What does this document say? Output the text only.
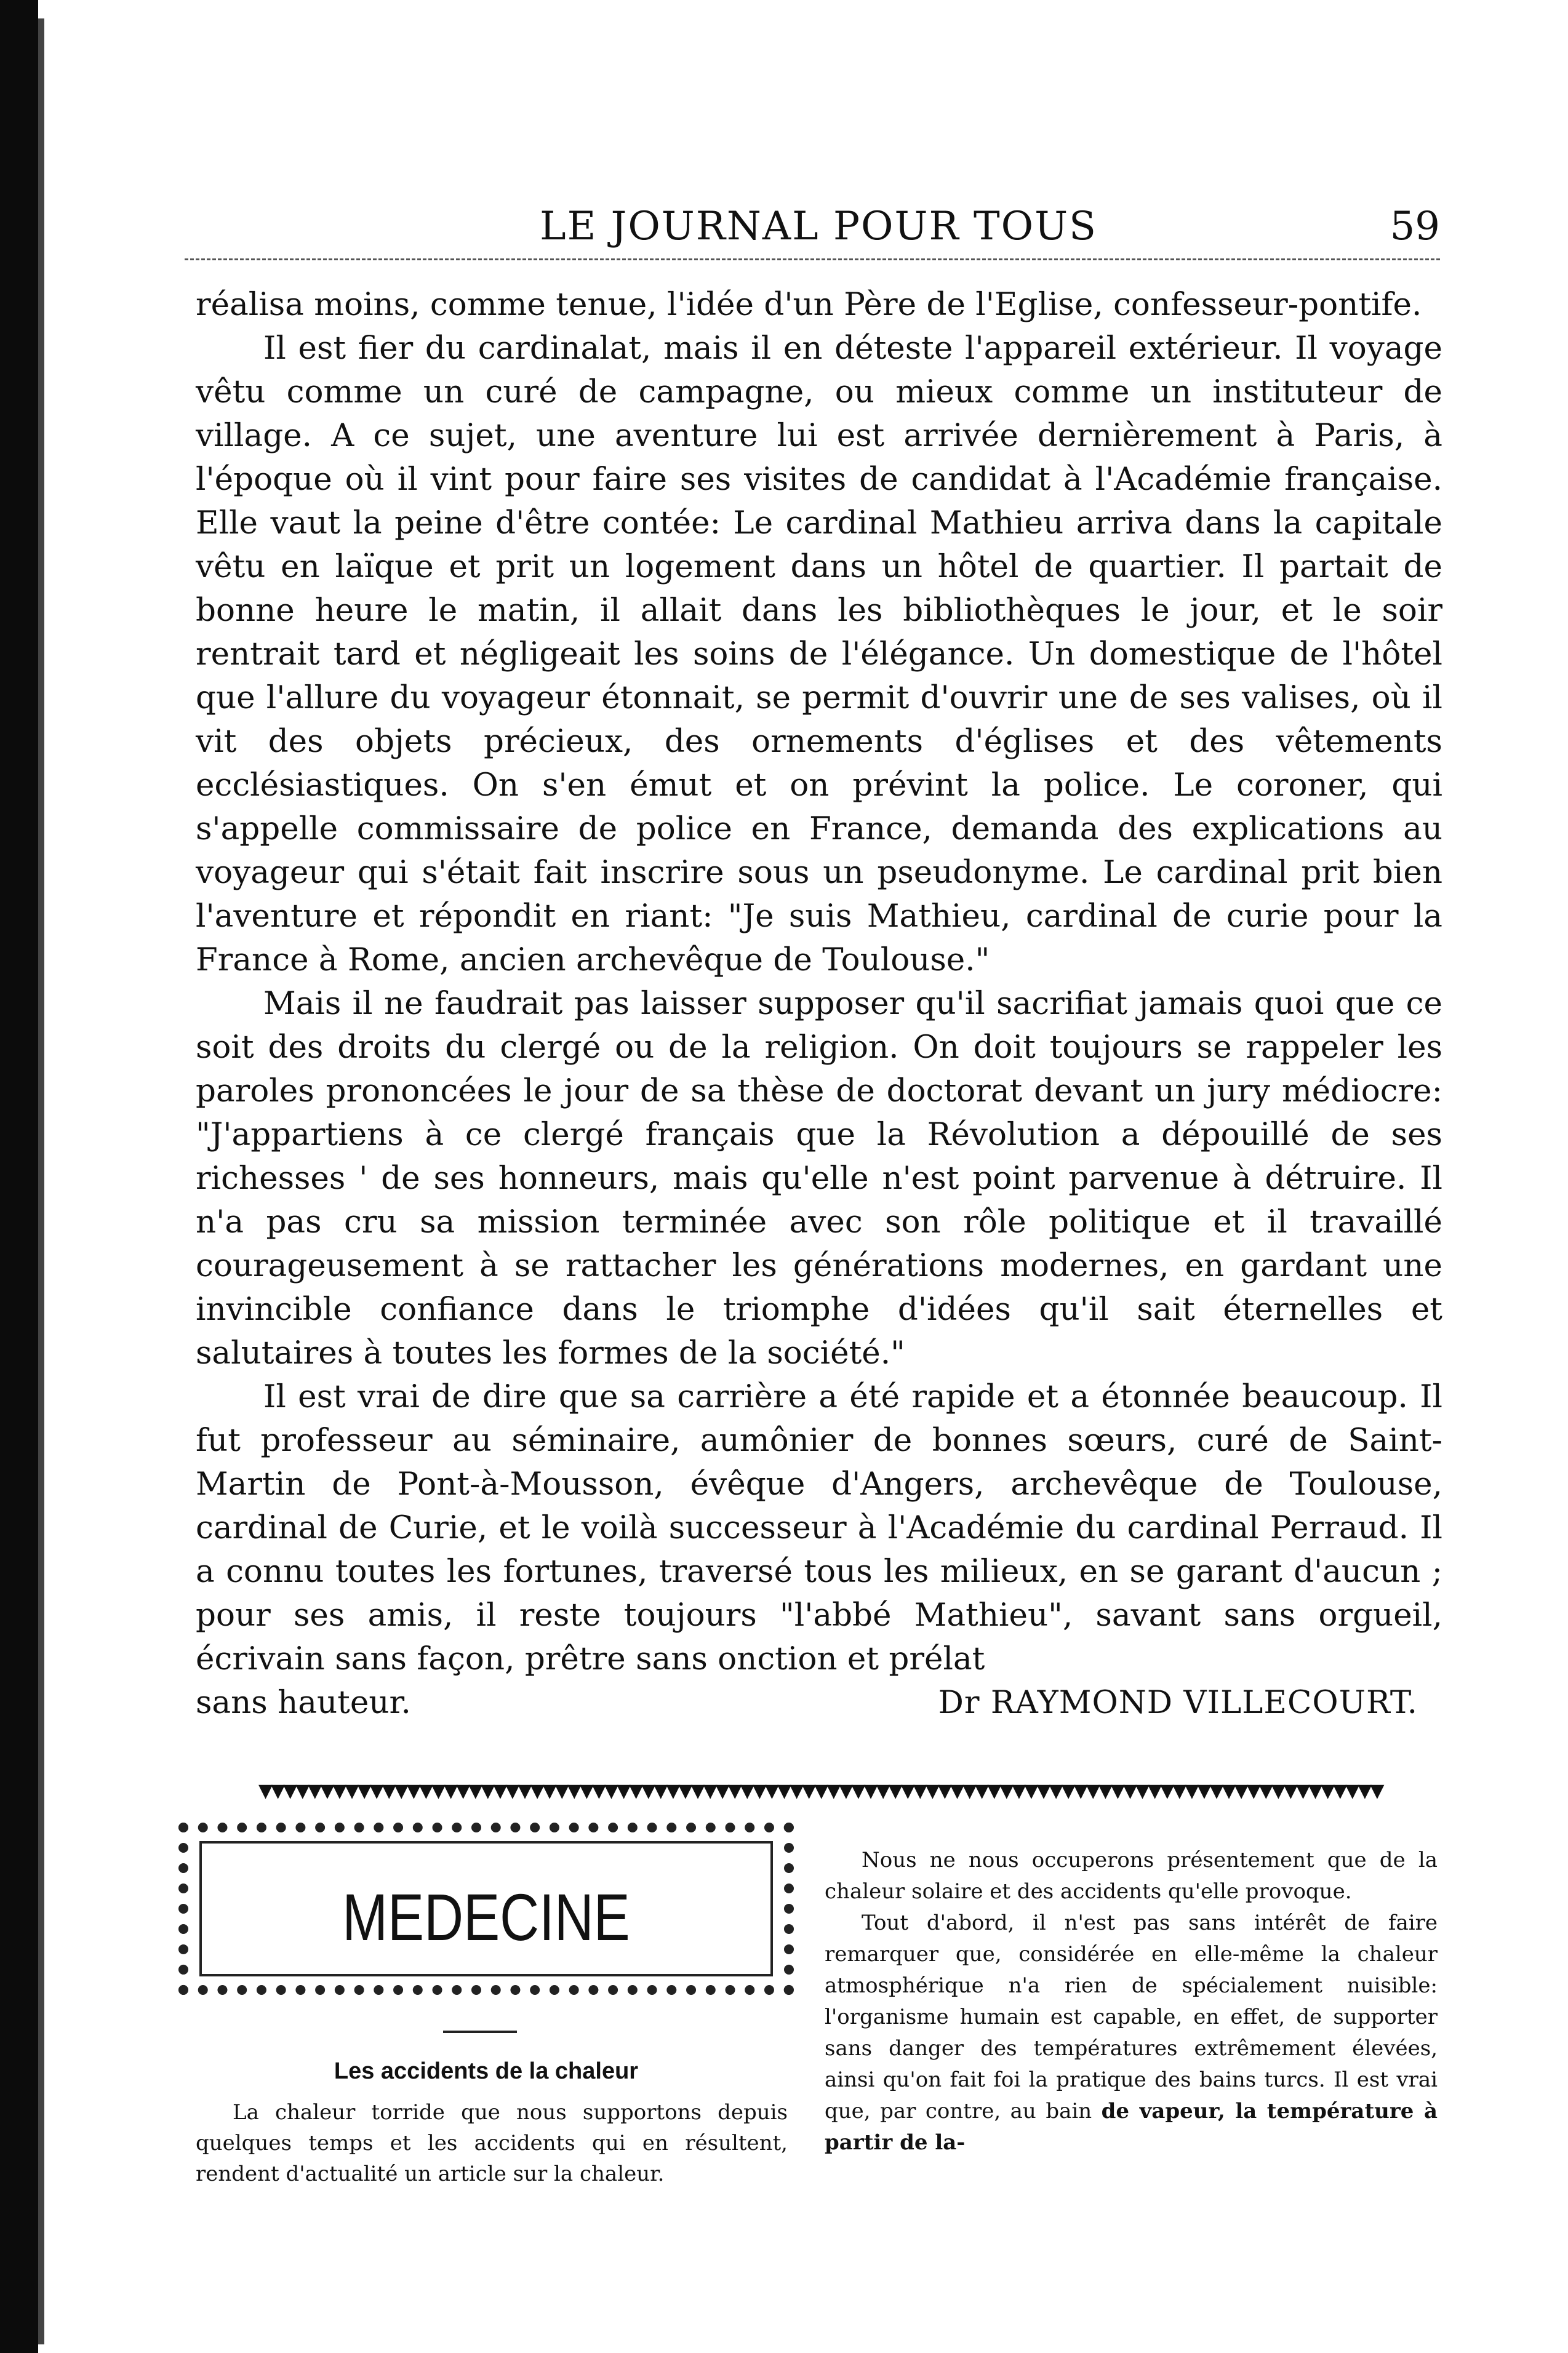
LE JOURNAL POUR TOUS	59

réalisa moins, comme tenue, l'idée d'un Père de l'Eglise, confesseur-pontife.

Il est fier du cardinalat, mais il en déteste l'appareil extérieur. Il voyage vêtu comme un curé de campagne, ou mieux comme un instituteur de village. A ce sujet, une aventure lui est arrivée dernièrement à Paris, à l'époque où il vint pour faire ses visites de candidat à l'Académie française. Elle vaut la peine d'être contée: Le cardinal Mathieu arriva dans la capitale vêtu en laïque et prit un logement dans un hôtel de quartier. Il partait de bonne heure le matin, il allait dans les bibliothèques le jour, et le soir rentrait tard et négligeait les soins de l'élégance. Un domestique de l'hôtel que l'allure du voyageur étonnait, se permit d'ouvrir une de ses valises, où il vit des objets précieux, des ornements d'églises et des vêtements ecclésiastiques. On s'en émut et on prévint la police. Le coroner, qui s'appelle commissaire de police en France, demanda des explications au voyageur qui s'était fait inscrire sous un pseudonyme. Le cardinal prit bien l'aventure et répondit en riant: "Je suis Mathieu, cardinal de curie pour la France à Rome, ancien archevêque de Toulouse."

Mais il ne faudrait pas laisser supposer qu'il sacrifiat jamais quoi que ce soit des droits du clergé ou de la religion. On doit toujours se rappeler les paroles prononcées le jour de sa thèse de doctorat devant un jury médiocre: "J'appartiens à ce clergé français que la Révolution a dépouillé de ses richesses ' de ses honneurs, mais qu'elle n'est point parvenue à détruire. Il n'a pas cru sa mission terminée avec son rôle politique et il travaillé courageusement à se rattacher les générations modernes, en gardant une invincible confiance dans le triomphe d'idées qu'il sait éternelles et salutaires à toutes les formes de la société."

Il est vrai de dire que sa carrière a été rapide et a étonnée beaucoup. Il fut professeur au séminaire, aumônier de bonnes sœurs, curé de Saint-Martin de Pont-à-Mousson, évêque d'Angers, archevêque de Toulouse, cardinal de Curie, et le voilà successeur à l'Académie du cardinal Perraud. Il a connu toutes les fortunes, traversé tous les milieux, en se garant d'aucun ; pour ses amis, il reste toujours "l'abbé Mathieu", savant sans orgueil, écrivain sans façon, prêtre sans onction et prélat

sans hauteur.	Dr RAYMOND VILLECOURT.
▼▼▼▼▼▼▼▼▼▼▼▼▼▼▼▼▼▼▼▼▼▼▼▼▼▼▼▼▼▼▼▼▼▼▼▼▼▼▼▼▼▼▼▼▼▼▼▼▼▼▼▼▼▼▼▼▼▼▼▼▼▼▼▼▼▼▼▼▼▼▼▼▼▼▼▼▼▼▼▼▼▼▼▼▼▼▼▼▼▼▼
MEDECINE
Les accidents de la chaleur

La chaleur torride que nous supportons depuis quelques temps et les accidents qui en résultent, rendent d'actualité un article sur la chaleur.

Nous ne nous occuperons présentement que de la chaleur solaire et des accidents qu'elle provoque.

Tout d'abord, il n'est pas sans intérêt de faire remarquer que, considérée en elle-même la chaleur atmosphérique n'a rien de spécialement nuisible: l'organisme humain est capable, en effet, de supporter sans danger des températures extrêmement élevées, ainsi qu'on fait foi la pratique des bains turcs. Il est vrai que, par contre, au bain de vapeur, la température à partir de la-
